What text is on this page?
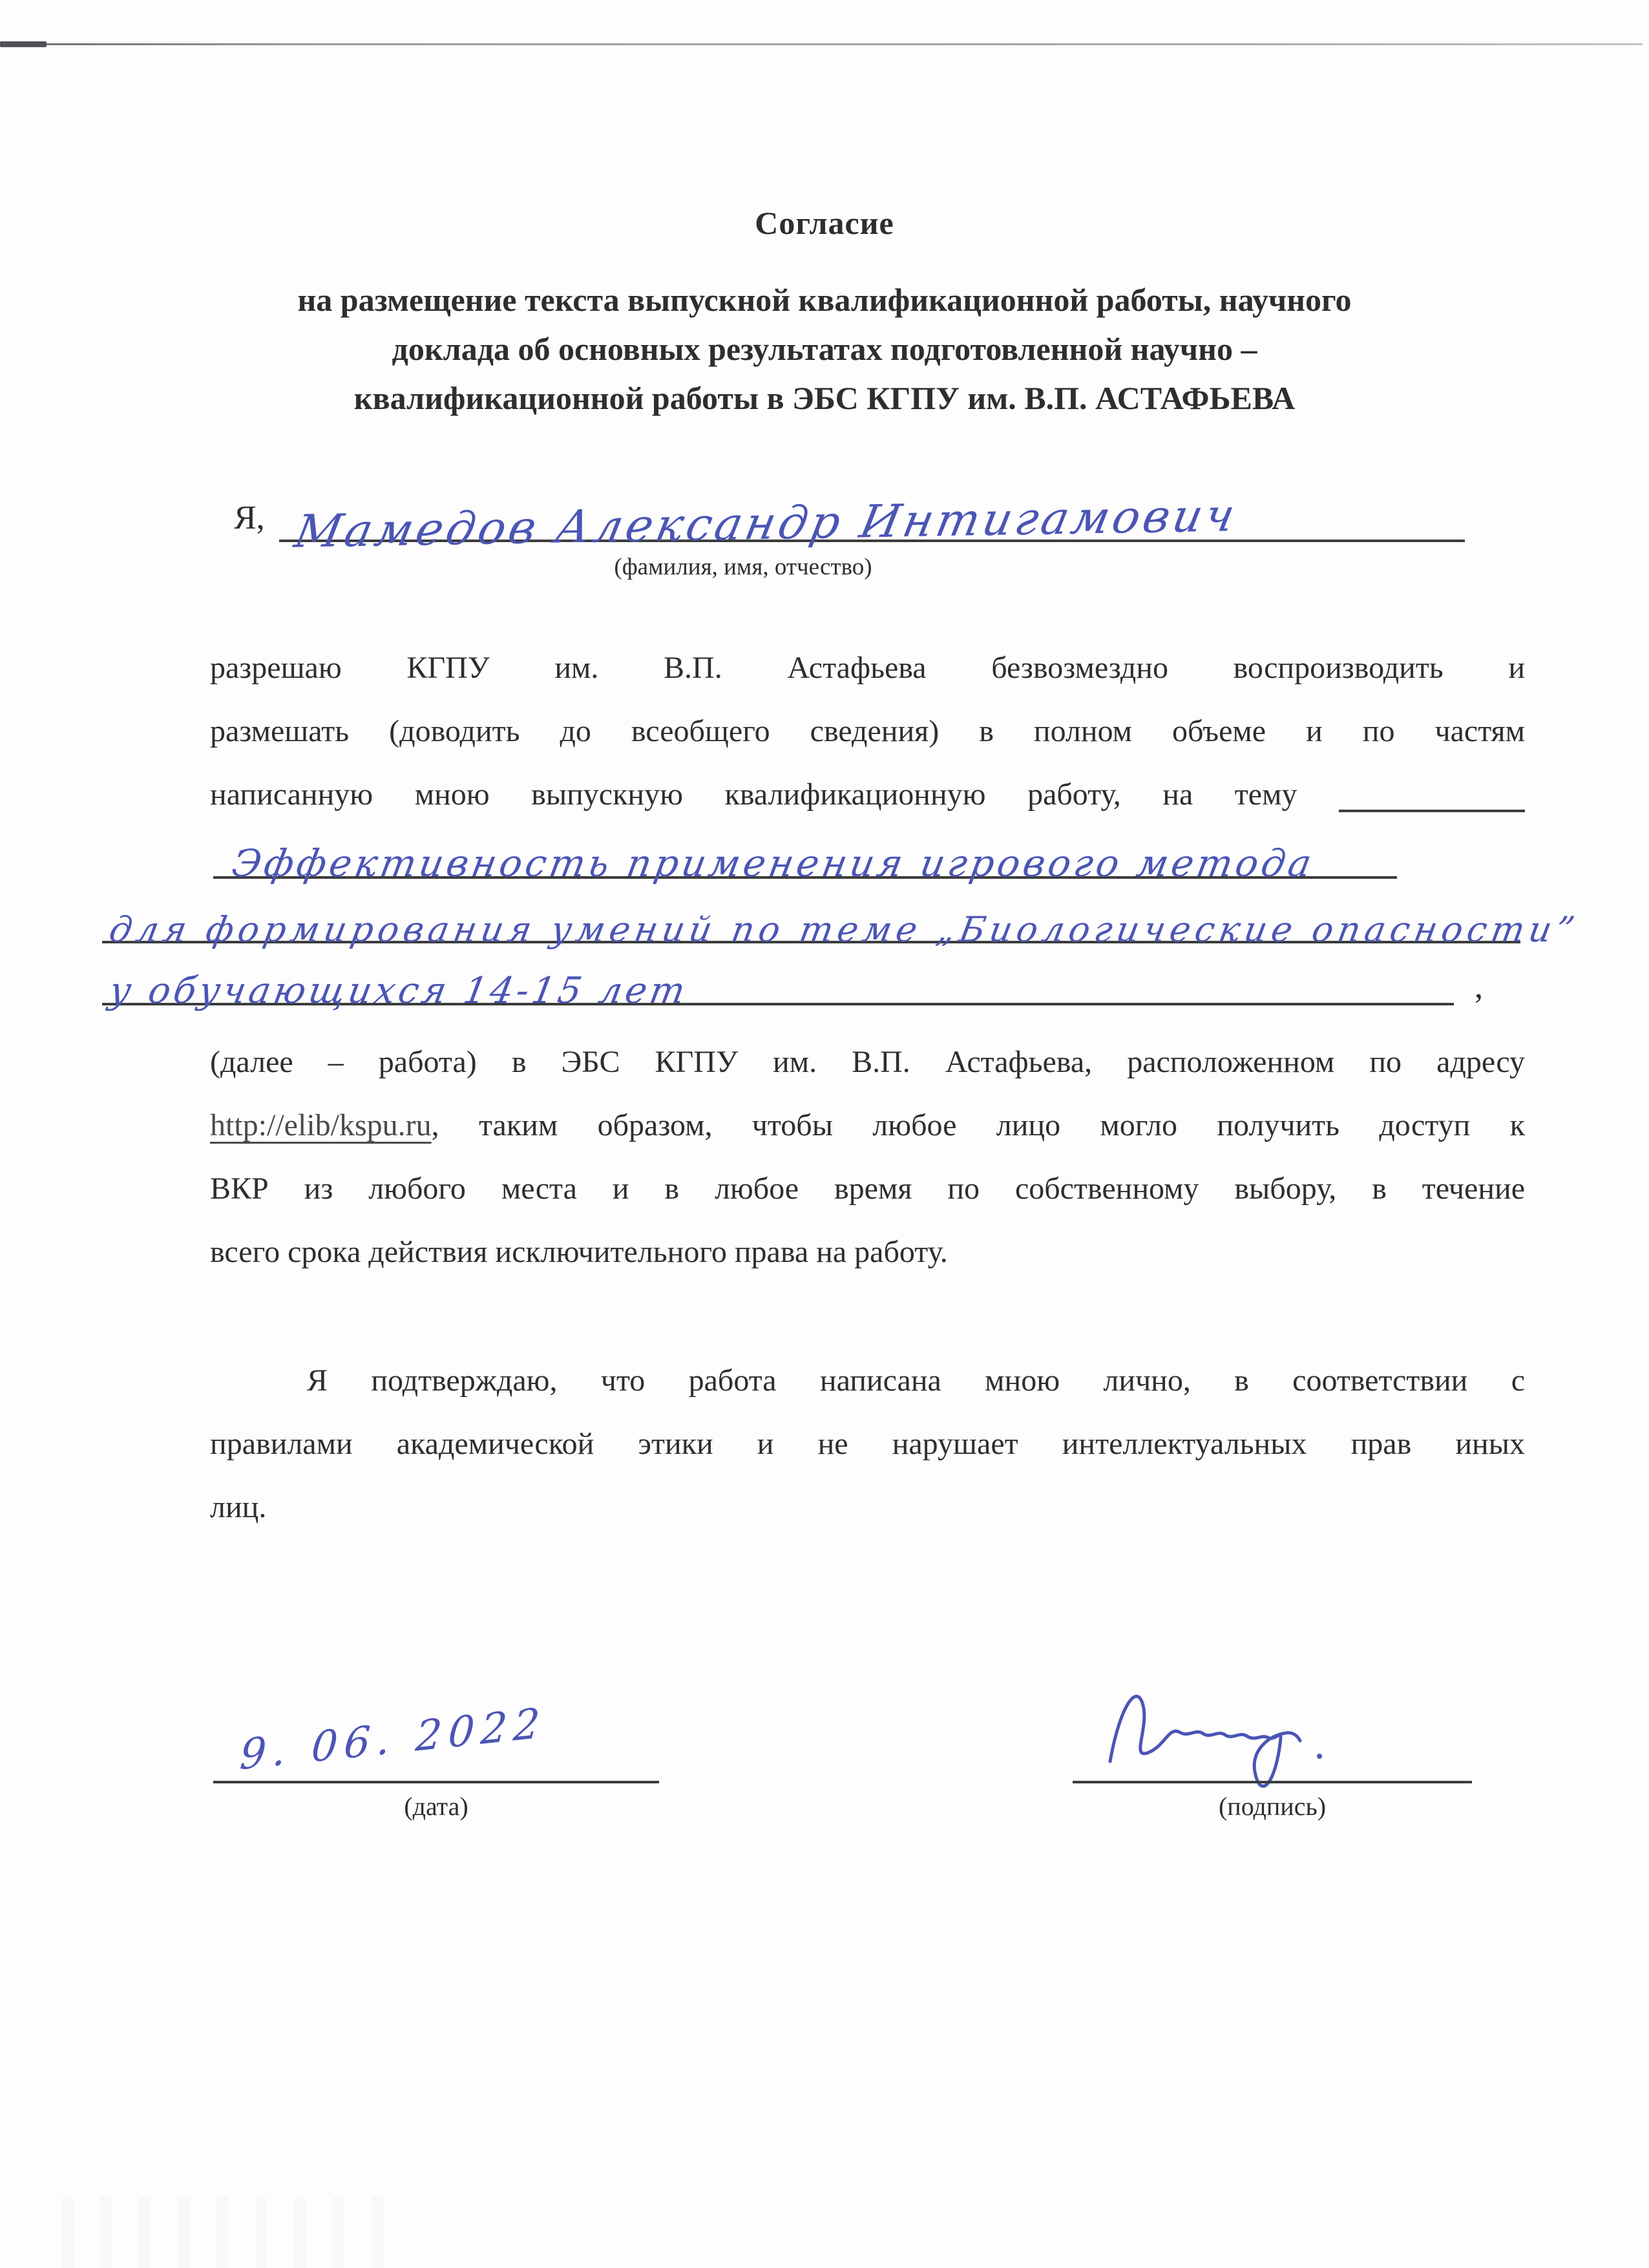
Согласие
на размещение текста выпускной квалификационной работы, научного
доклада об основных результатах подготовленной научно –
квалификационной работы в ЭБС КГПУ им. В.П. АСТАФЬЕВА
Я, Мамедов Александр Интигамович
(фамилия, имя, отчество)
разрешаю КГПУ им. В.П. Астафьева безвозмездно воспроизводить и
размешать (доводить до всеобщего сведения) в полном объеме и по частям
написанную мною выпускную квалификационную работу, на тему
Эффективность применения игрового метода
для формирования умений по теме „Биологические опасности”
у обучающихся 14-15 лет	,
(далее – работа) в ЭБС КГПУ им. В.П. Астафьева, расположенном по адресу
http://elib/kspu.ru, таким образом, чтобы любое лицо могло получить доступ к
ВКР из любого места и в любое время по собственному выбору, в течение
всего срока действия исключительного права на работу.
Я подтверждаю, что работа написана мною лично, в соответствии с
правилами академической этики и не нарушает интеллектуальных прав иных
лиц.
9. 06. 2022
(дата)	(подпись)
